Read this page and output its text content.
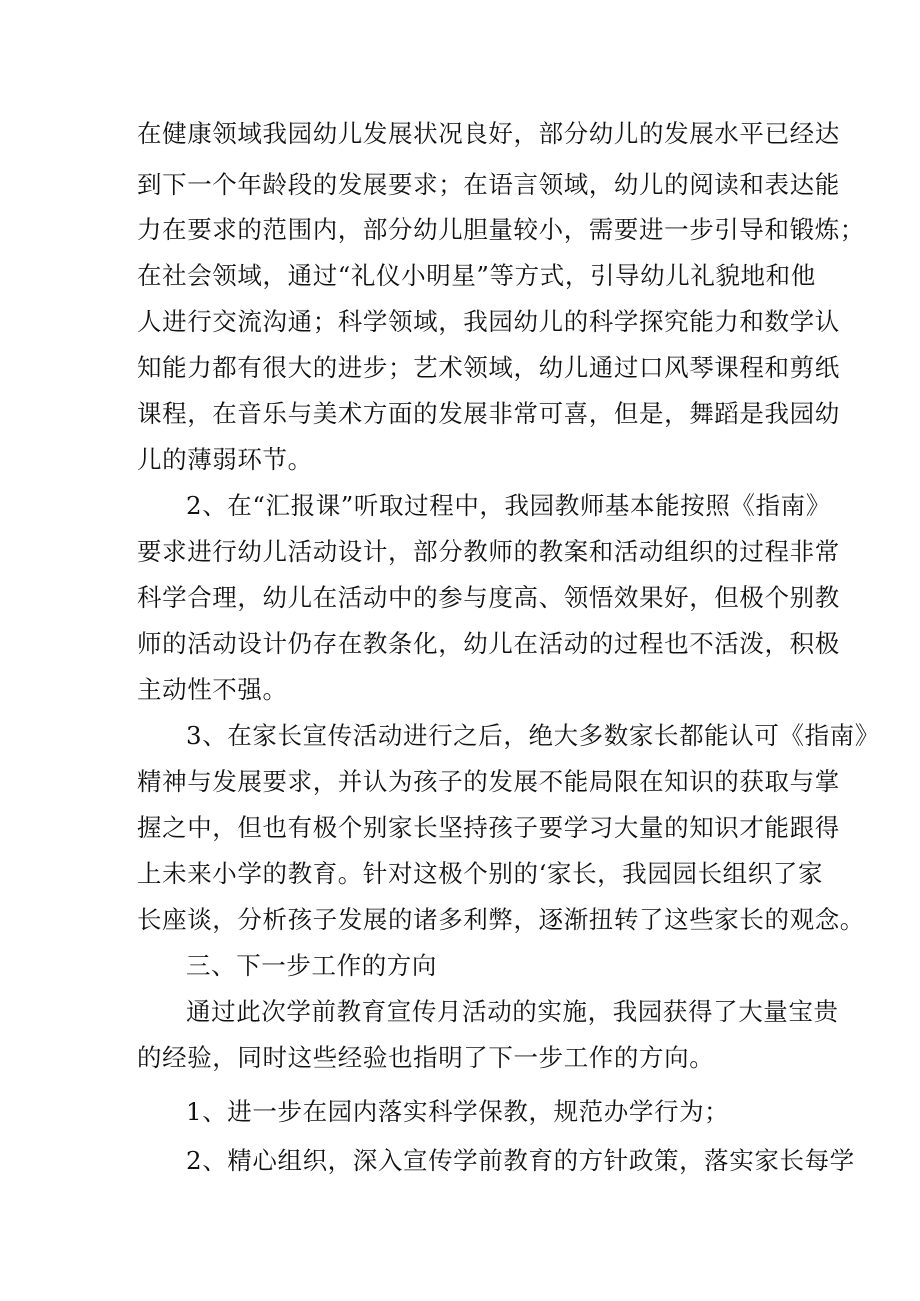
在健康领域我园幼儿发展状况良好，部分幼儿的发展水平已经达
到下一个年龄段的发展要求；在语言领域，幼儿的阅读和表达能
力在要求的范围内，部分幼儿胆量较小，需要进一步引导和锻炼；
在社会领域，通过“礼仪小明星”等方式，引导幼儿礼貌地和他
人进行交流沟通；科学领域，我园幼儿的科学探究能力和数学认
知能力都有很大的进步；艺术领域，幼儿通过口风琴课程和剪纸
课程，在音乐与美术方面的发展非常可喜，但是，舞蹈是我园幼
儿的薄弱环节。
2、在“汇报课”听取过程中，我园教师基本能按照《指南》
要求进行幼儿活动设计，部分教师的教案和活动组织的过程非常
科学合理，幼儿在活动中的参与度高、领悟效果好，但极个别教
师的活动设计仍存在教条化，幼儿在活动的过程也不活泼，积极
主动性不强。
3、在家长宣传活动进行之后，绝大多数家长都能认可《指南》
精神与发展要求，并认为孩子的发展不能局限在知识的获取与掌
握之中，但也有极个别家长坚持孩子要学习大量的知识才能跟得
上未来小学的教育。针对这极个别的‘家长，我园园长组织了家
长座谈，分析孩子发展的诸多利弊，逐渐扭转了这些家长的观念。
三、下一步工作的方向
通过此次学前教育宣传月活动的实施，我园获得了大量宝贵
的经验，同时这些经验也指明了下一步工作的方向。
1、进一步在园内落实科学保教，规范办学行为；
2、精心组织，深入宣传学前教育的方针政策，落实家长每学
